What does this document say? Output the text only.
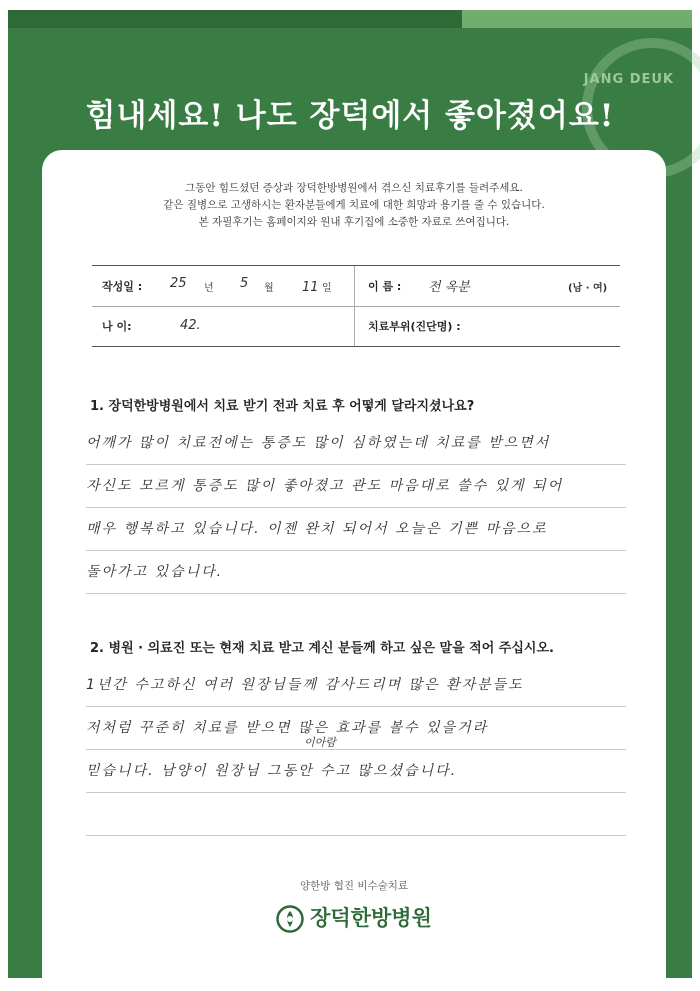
JANG DEUK
힘내세요! 나도 장덕에서 좋아졌어요!
그동안 힘드셨던 증상과 장덕한방병원에서 겪으신 치료후기를 들려주세요.
같은 질병으로 고생하시는 환자분들에게 치료에 대한 희망과 용기를 줄 수 있습니다.
본 자필후기는 홈페이지와 원내 후기집에 소중한 자료로 쓰여집니다.
작성일 : 25 년 5 월 11 일	이 름 : 전 옥분	(남 · 여)
나 이:	42.	치료부위(진단명) :
1. 장덕한방병원에서 치료 받기 전과 치료 후 어떻게 달라지셨나요?
어깨가 많이 치료전에는 통증도 많이 심하였는데 치료를 받으면서
자신도 모르게 통증도 많이 좋아졌고 관도 마음대로 쓸수 있게 되어
매우 행복하고 있습니다. 이젠 완치 되어서 오늘은 기쁜 마음으로
돌아가고 있습니다.
2. 병원 · 의료진 또는 현재 치료 받고 계신 분들께 하고 싶은 말을 적어 주십시오.
1년간 수고하신 여러 원장님들께 감사드리며 많은 환자분들도
저처럼 꾸준히 치료를 받으면 많은 효과를 볼수 있을거라
이아람
믿습니다. 남양이 원장님 그동안 수고 많으셨습니다.
양한방 협진 비수술치료
장덕한방병원
